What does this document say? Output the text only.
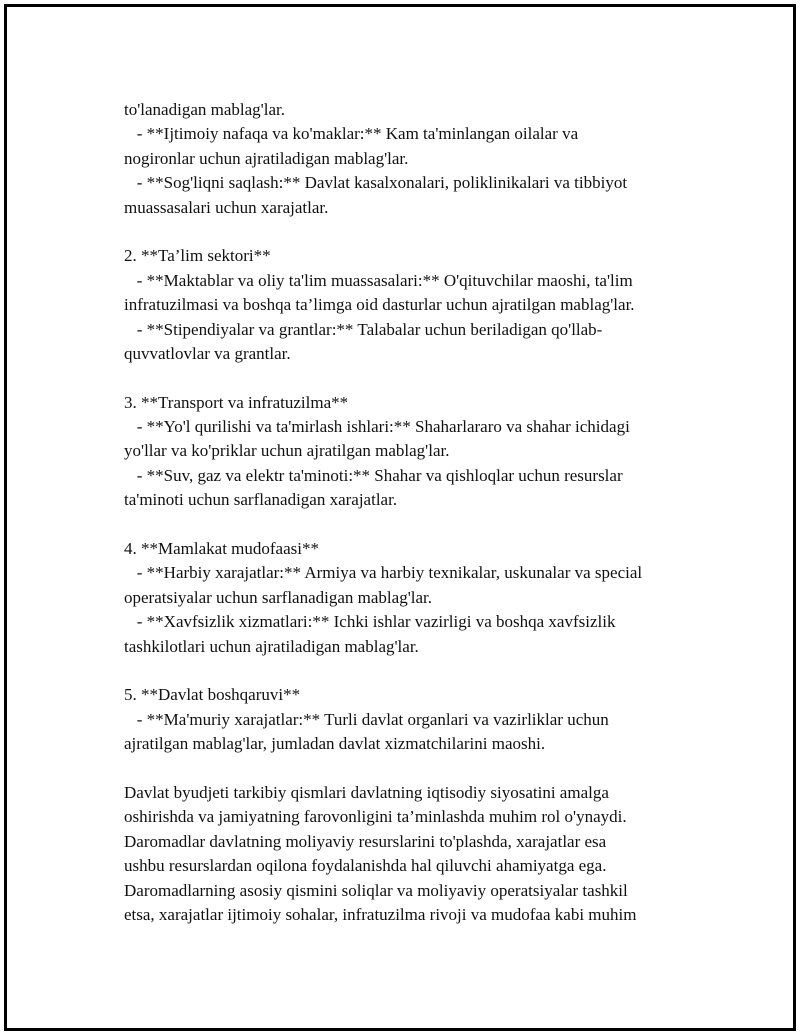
to'lanadigan mablag'lar.
- **Ijtimoiy nafaqa va ko'maklar:** Kam ta'minlangan oilalar va
nogironlar uchun ajratiladigan mablag'lar.
- **Sog'liqni saqlash:** Davlat kasalxonalari, poliklinikalari va tibbiyot
muassasalari uchun xarajatlar.
2. **Ta’lim sektori**
- **Maktablar va oliy ta'lim muassasalari:** O'qituvchilar maoshi, ta'lim
infratuzilmasi va boshqa ta’limga oid dasturlar uchun ajratilgan mablag'lar.
- **Stipendiyalar va grantlar:** Talabalar uchun beriladigan qo'llab-
quvvatlovlar va grantlar.
3. **Transport va infratuzilma**
- **Yo'l qurilishi va ta'mirlash ishlari:** Shaharlararo va shahar ichidagi
yo'llar va ko'priklar uchun ajratilgan mablag'lar.
- **Suv, gaz va elektr ta'minoti:** Shahar va qishloqlar uchun resurslar
ta'minoti uchun sarflanadigan xarajatlar.
4. **Mamlakat mudofaasi**
- **Harbiy xarajatlar:** Armiya va harbiy texnikalar, uskunalar va special
operatsiyalar uchun sarflanadigan mablag'lar.
- **Xavfsizlik xizmatlari:** Ichki ishlar vazirligi va boshqa xavfsizlik
tashkilotlari uchun ajratiladigan mablag'lar.
5. **Davlat boshqaruvi**
- **Ma'muriy xarajatlar:** Turli davlat organlari va vazirliklar uchun
ajratilgan mablag'lar, jumladan davlat xizmatchilarini maoshi.
Davlat byudjeti tarkibiy qismlari davlatning iqtisodiy siyosatini amalga
oshirishda va jamiyatning farovonligini ta’minlashda muhim rol o'ynaydi.
Daromadlar davlatning moliyaviy resurslarini to'plashda, xarajatlar esa
ushbu resurslardan oqilona foydalanishda hal qiluvchi ahamiyatga ega.
Daromadlarning asosiy qismini soliqlar va moliyaviy operatsiyalar tashkil
etsa, xarajatlar ijtimoiy sohalar, infratuzilma rivoji va mudofaa kabi muhim
